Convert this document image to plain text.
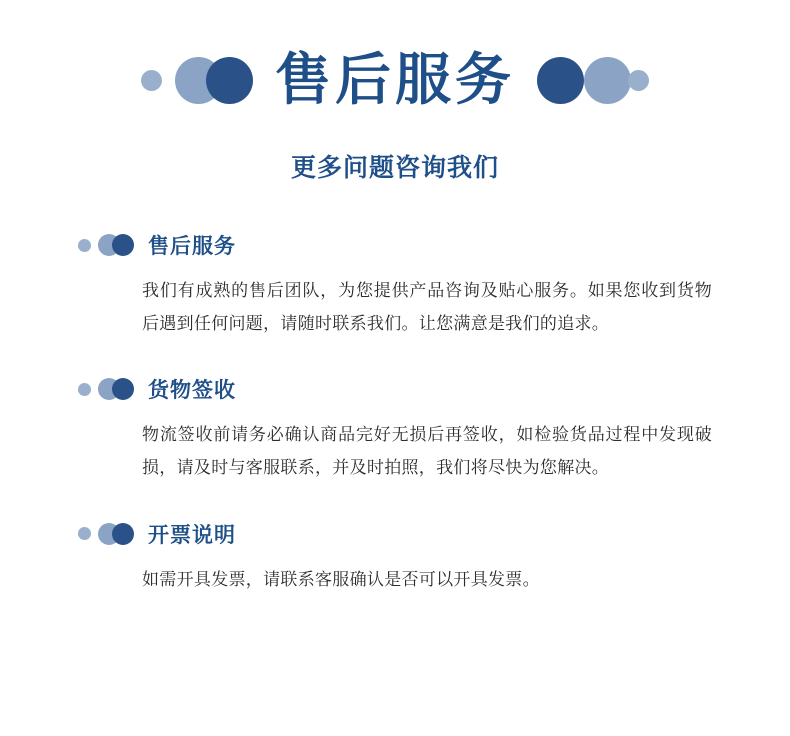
售后服务
更多问题咨询我们
售后服务

我们有成熟的售后团队，为您提供产品咨询及贴心服务。如果您收到货物后遇到任何问题，请随时联系我们。让您满意是我们的追求。

货物签收

物流签收前请务必确认商品完好无损后再签收，如检验货品过程中发现破损，请及时与客服联系，并及时拍照，我们将尽快为您解决。

开票说明

如需开具发票，请联系客服确认是否可以开具发票。
